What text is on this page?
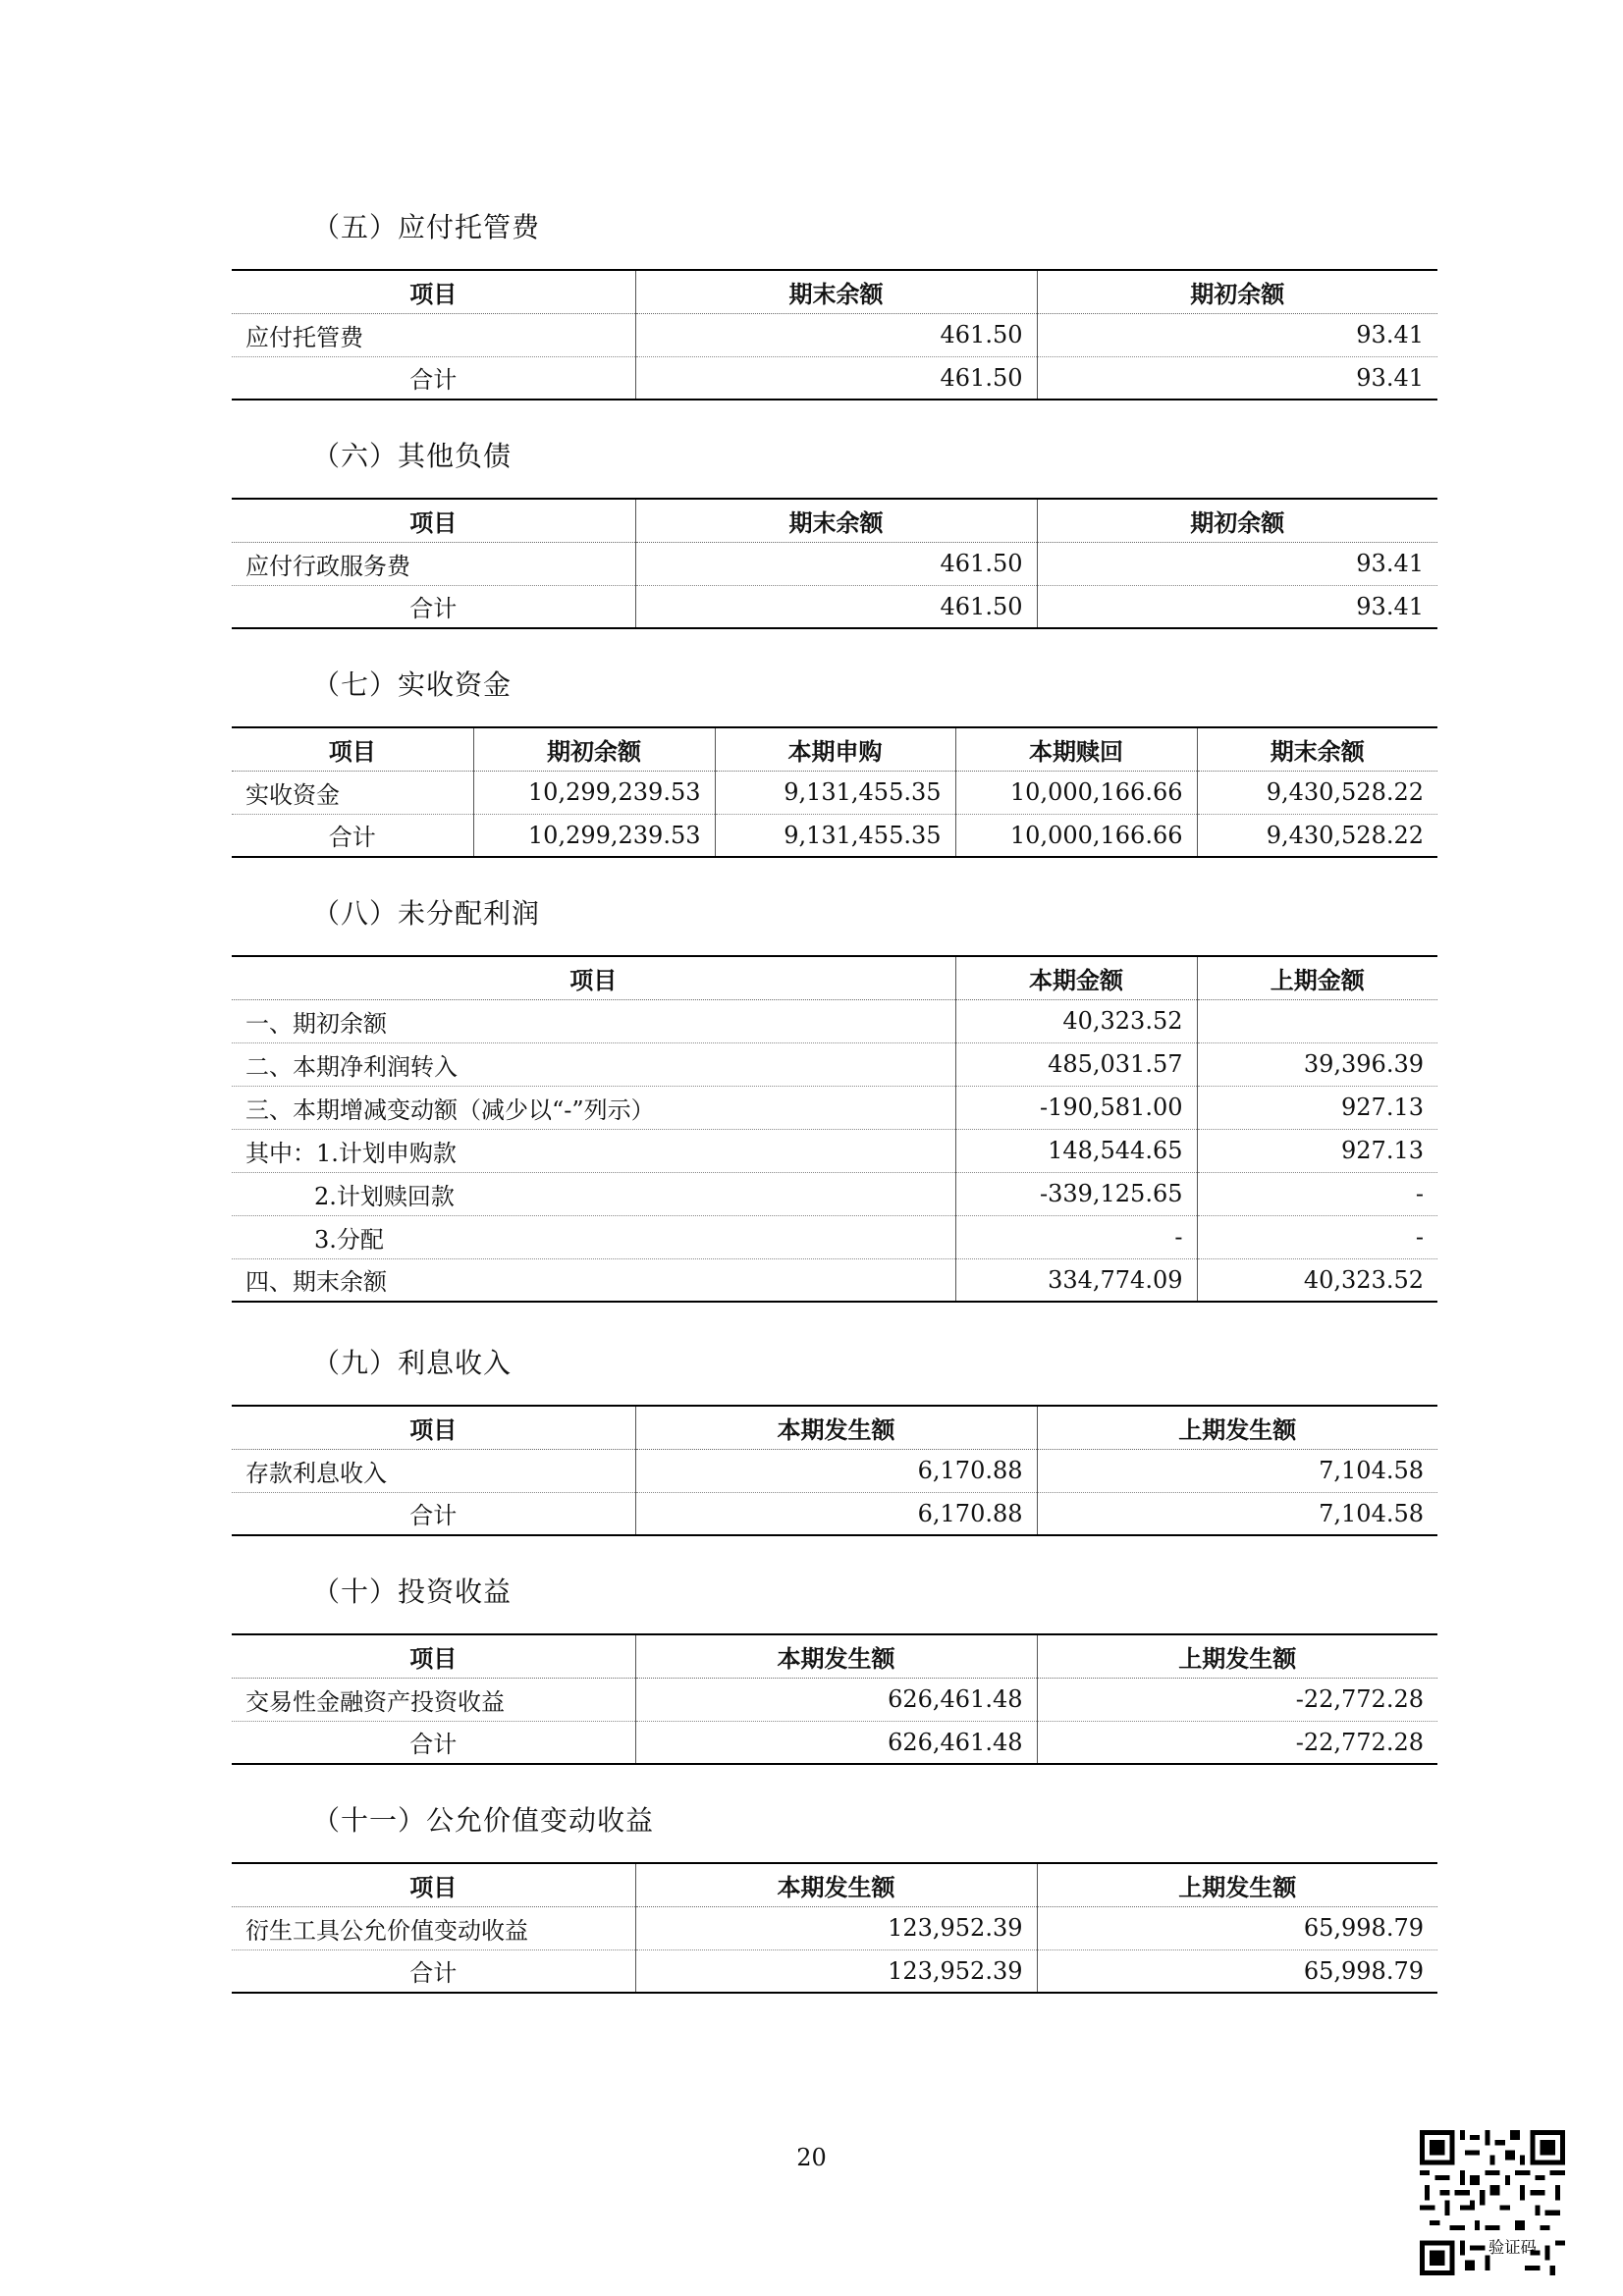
（五）应付托管费
项目	期末余额	期初余额
应付托管费	461.50	93.41
合计	461.50	93.41
（六）其他负债
项目	期末余额	期初余额
应付行政服务费	461.50	93.41
合计	461.50	93.41
（七）实收资金
项目	期初余额	本期申购	本期赎回	期末余额
实收资金	10,299,239.53	9,131,455.35	10,000,166.66	9,430,528.22
合计	10,299,239.53	9,131,455.35	10,000,166.66	9,430,528.22
（八）未分配利润
项目	本期金额	上期金额
一、期初余额	40,323.52	
二、本期净利润转入	485,031.57	39,396.39
三、本期增减变动额（减少以“-”列示）	-190,581.00	927.13
其中：1.计划申购款	148,544.65	927.13
2.计划赎回款	-339,125.65	-
3.分配	-	-
四、期末余额	334,774.09	40,323.52
（九）利息收入
项目	本期发生额	上期发生额
存款利息收入	6,170.88	7,104.58
合计	6,170.88	7,104.58
（十）投资收益
项目	本期发生额	上期发生额
交易性金融资产投资收益	626,461.48	-22,772.28
合计	626,461.48	-22,772.28
（十一）公允价值变动收益
项目	本期发生额	上期发生额
衍生工具公允价值变动收益	123,952.39	65,998.79
合计	123,952.39	65,998.79
20
验证码
